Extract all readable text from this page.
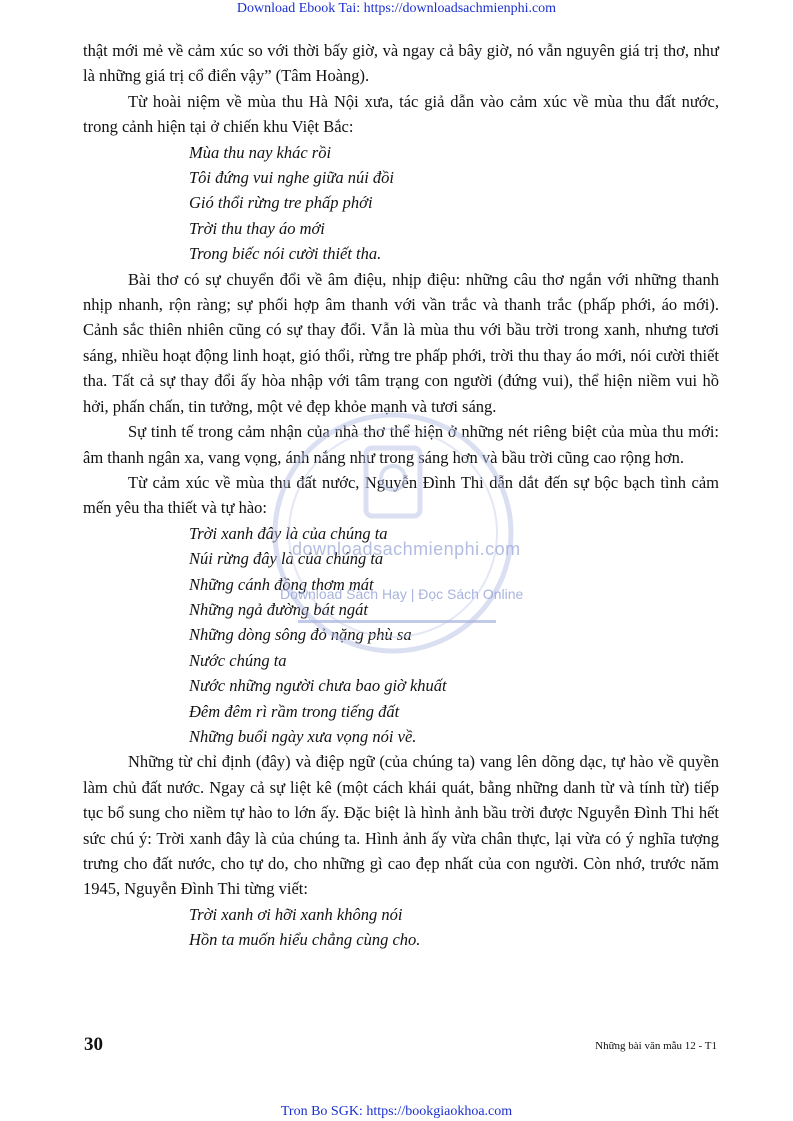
Download Ebook Tai: https://downloadsachmienphi.com

thật mới mẻ về cảm xúc so với thời bấy giờ, và ngay cả bây giờ, nó vẫn nguyên giá trị thơ, như là những giá trị cổ điển vậy” (Tâm Hoàng).

Từ hoài niệm về mùa thu Hà Nội xưa, tác giả dẫn vào cảm xúc về mùa thu đất nước, trong cảnh hiện tại ở chiến khu Việt Bắc:

Mùa thu nay khác rồi

Tôi đứng vui nghe giữa núi đồi

Gió thổi rừng tre phấp phới

Trời thu thay áo mới

Trong biếc nói cười thiết tha.

Bài thơ có sự chuyển đổi về âm điệu, nhịp điệu: những câu thơ ngắn với những thanh nhịp nhanh, rộn ràng; sự phối hợp âm thanh với vần trắc và thanh trắc (phấp phới, áo mới). Cảnh sắc thiên nhiên cũng có sự thay đổi. Vẫn là mùa thu với bầu trời trong xanh, nhưng tươi sáng, nhiều hoạt động linh hoạt, gió thổi, rừng tre phấp phới, trời thu thay áo mới, nói cười thiết tha. Tất cả sự thay đổi ấy hòa nhập với tâm trạng con người (đứng vui), thể hiện niềm vui hồ hởi, phấn chấn, tin tưởng, một vẻ đẹp khỏe mạnh và tươi sáng.

Sự tinh tế trong cảm nhận của nhà thơ thể hiện ở những nét riêng biệt của mùa thu mới: âm thanh ngân xa, vang vọng, ánh nắng như trong sáng hơn và bầu trời cũng cao rộng hơn.

Từ cảm xúc về mùa thu đất nước, Nguyễn Đình Thi dẫn dắt đến sự bộc bạch tình cảm mến yêu tha thiết và tự hào:

Trời xanh đây là của chúng ta

Núi rừng đây là của chúng ta

Những cánh đồng thơm mát

Những ngả đường bát ngát

Những dòng sông đỏ nặng phù sa

Nước chúng ta

Nước những người chưa bao giờ khuất

Đêm đêm rì rầm trong tiếng đất

Những buổi ngày xưa vọng nói về.

Những từ chỉ định (đây) và điệp ngữ (của chúng ta) vang lên dõng dạc, tự hào về quyền làm chủ đất nước. Ngay cả sự liệt kê (một cách khái quát, bằng những danh từ và tính từ) tiếp tục bổ sung cho niềm tự hào to lớn ấy. Đặc biệt là hình ảnh bầu trời được Nguyễn Đình Thi hết sức chú ý: Trời xanh đây là của chúng ta. Hình ảnh ấy vừa chân thực, lại vừa có ý nghĩa tượng trưng cho đất nước, cho tự do, cho những gì cao đẹp nhất của con người. Còn nhớ, trước năm 1945, Nguyễn Đình Thi từng viết:

Trời xanh ơi hỡi xanh không nói

Hồn ta muốn hiểu chẳng cùng cho.

downloadsachmienphi.com
Download Sách Hay | Đọc Sách Online
30	Những bài văn mẫu 12 - T1
Tron Bo SGK: https://bookgiaokhoa.com
